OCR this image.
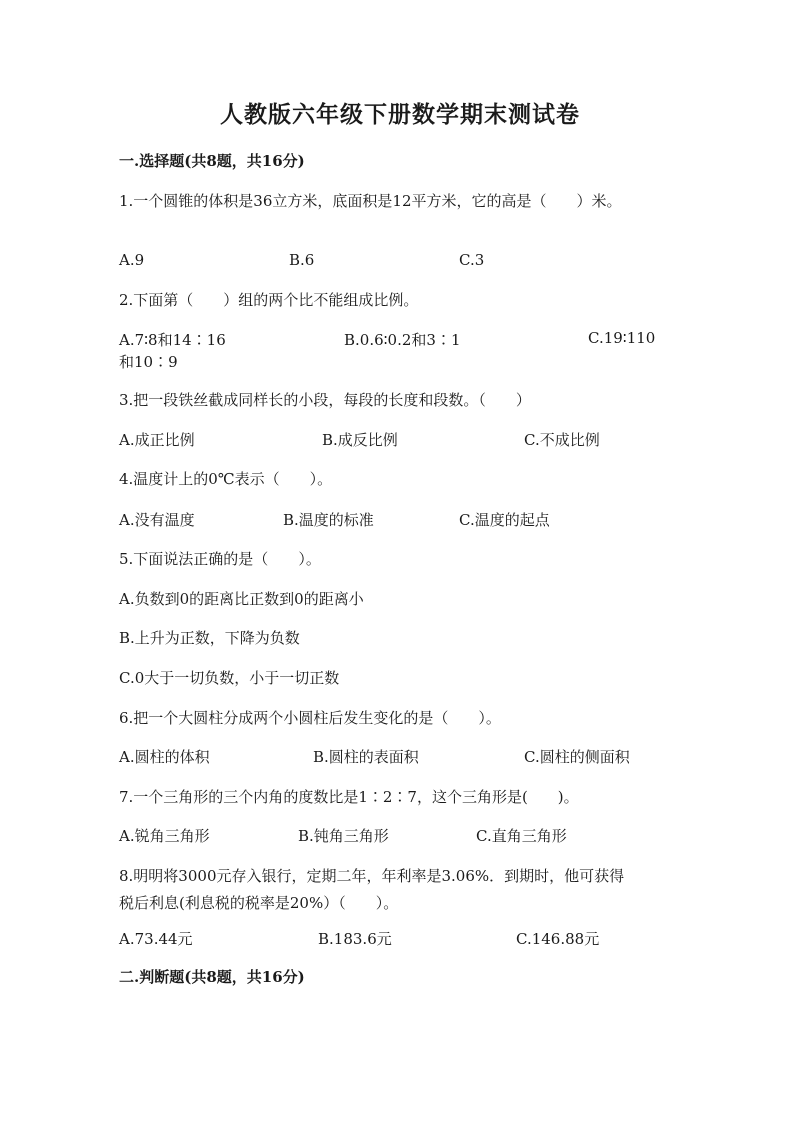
人教版六年级下册数学期末测试卷
一.选择题(共8题，共16分)
1.一个圆锥的体积是36立方米，底面积是12平方米，它的高是（　　）米。
A.9	B.6	C.3
2.下面第（　　）组的两个比不能组成比例。
A.7∶8和14∶16	B.0.6∶0.2和3∶1	C.19∶110
和10∶9
3.把一段铁丝截成同样长的小段，每段的长度和段数。（　　）
A.成正比例	B.成反比例	C.不成比例
4.温度计上的0℃表示（　　）。
A.没有温度	B.温度的标准	C.温度的起点
5.下面说法正确的是（　　）。
A.负数到0的距离比正数到0的距离小
B.上升为正数，下降为负数
C.0大于一切负数，小于一切正数
6.把一个大圆柱分成两个小圆柱后发生变化的是（　　）。
A.圆柱的体积	B.圆柱的表面积	C.圆柱的侧面积
7.一个三角形的三个内角的度数比是1∶2∶7，这个三角形是(　　)。
A.锐角三角形	B.钝角三角形	C.直角三角形
8.明明将3000元存入银行，定期二年，年利率是3.06%．到期时，他可获得
税后利息(利息税的税率是20%）（　　）。
A.73.44元	B.183.6元	C.146.88元
二.判断题(共8题，共16分)
